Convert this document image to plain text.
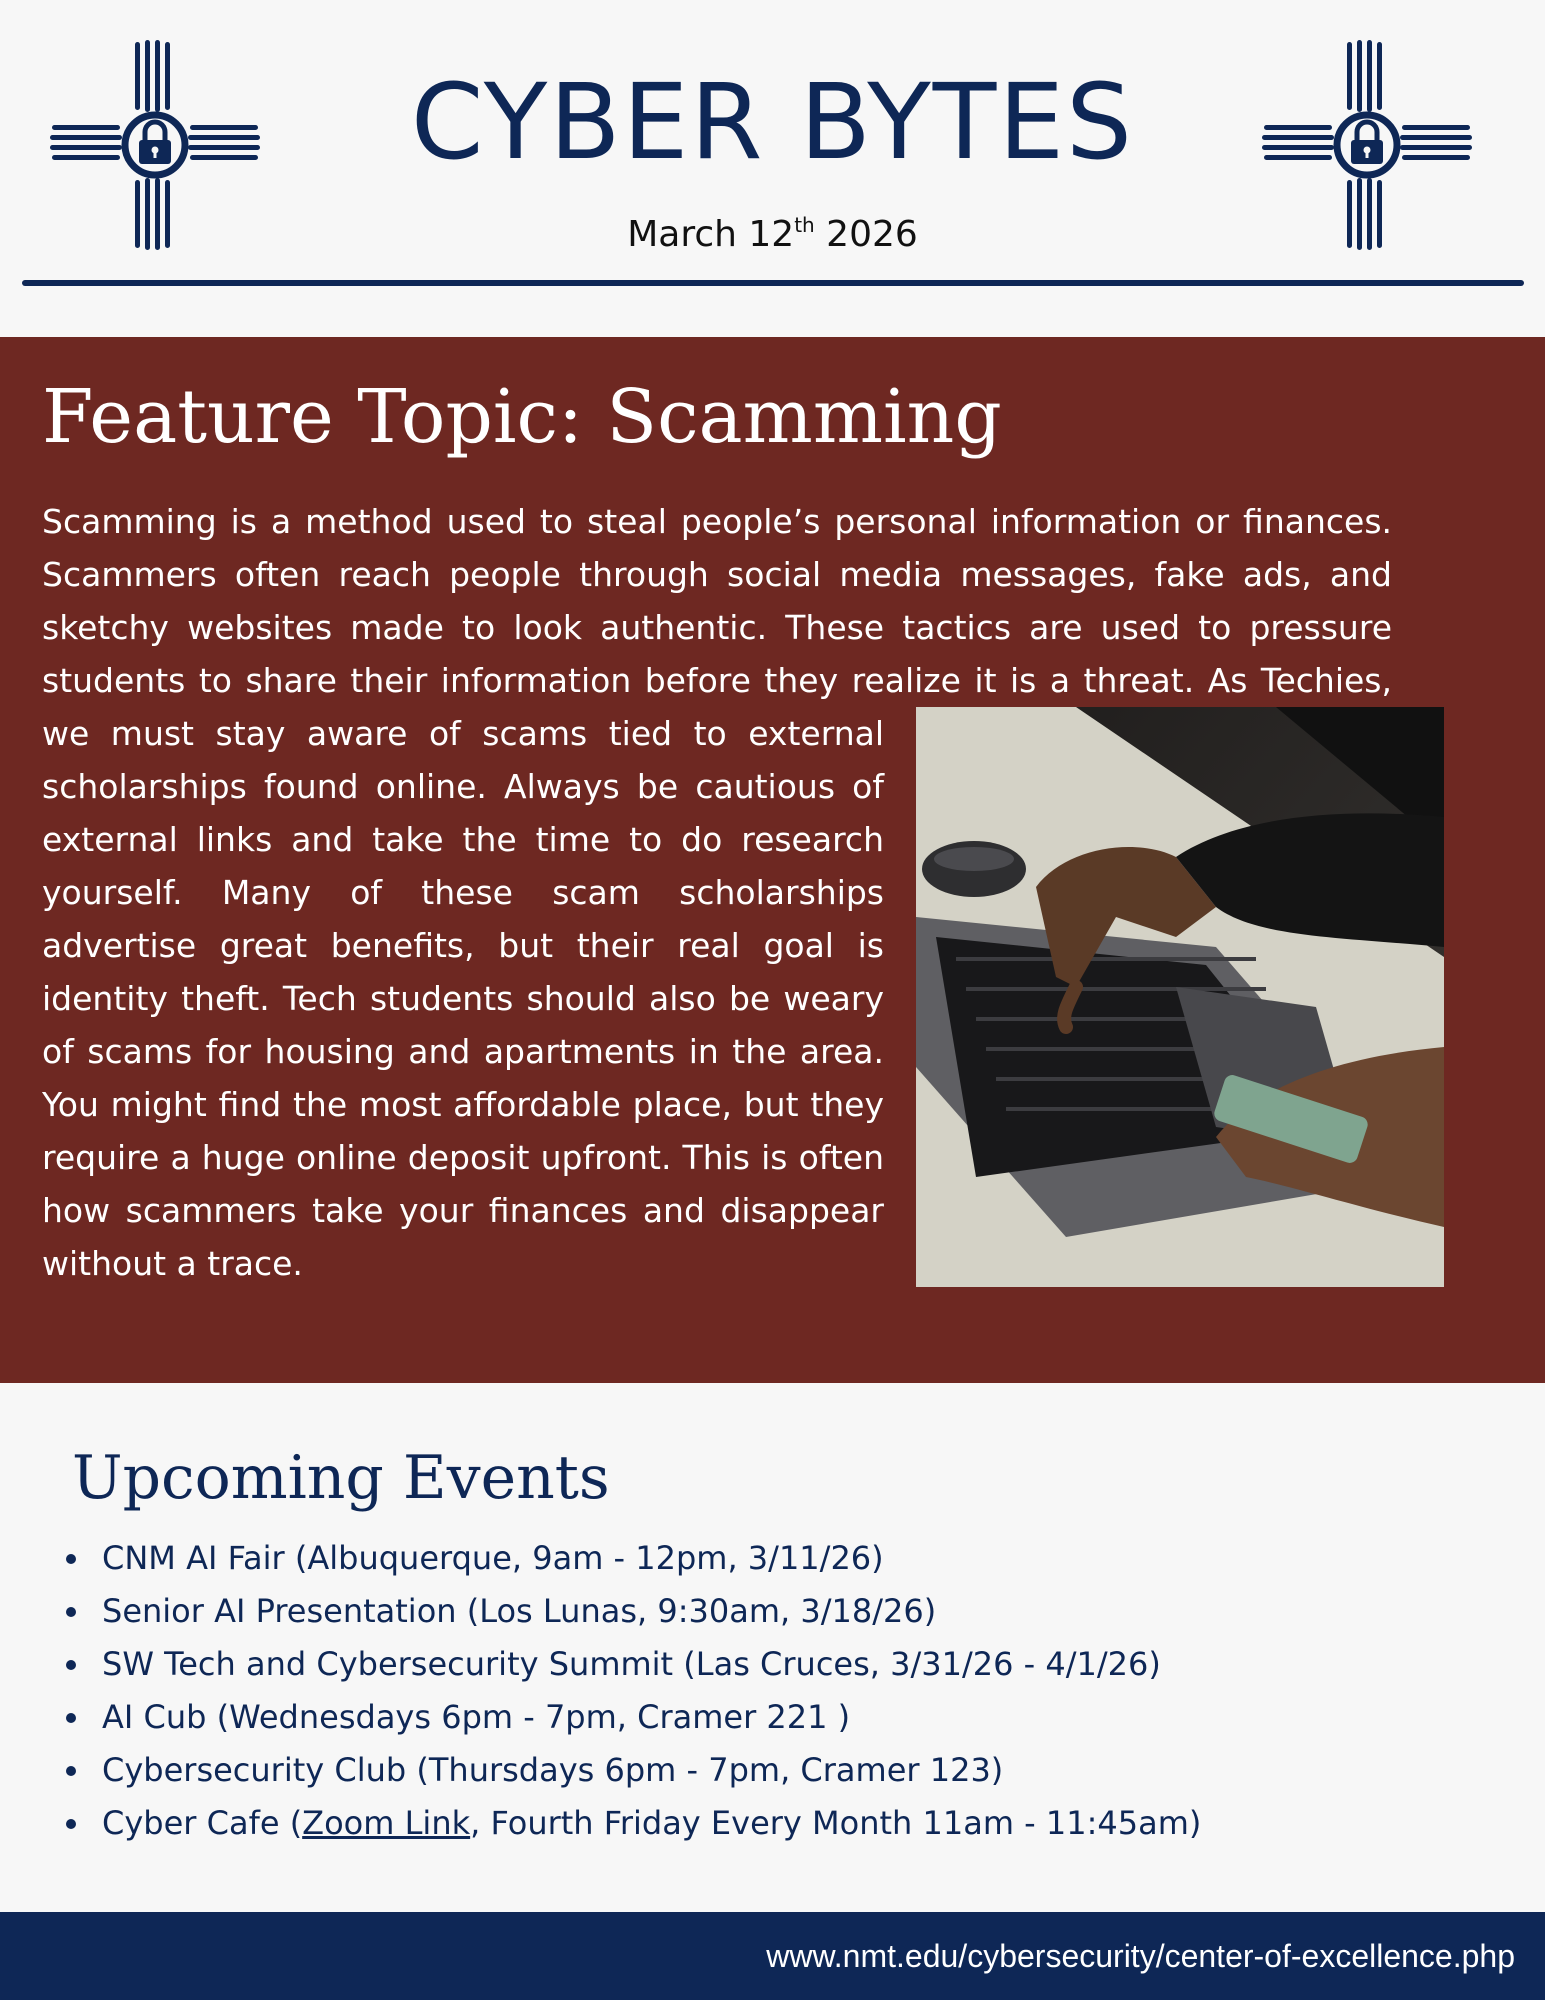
CYBER BYTES
March 12th 2026
Feature Topic: Scamming
Scamming is a method used to steal people’s personal information or finances. Scammers often reach people through social media messages, fake ads, and sketchy websites made to look authentic. These tactics are used to pressure students to share their information before they realize it is a threat. As Techies, we must stay aware of scams tied to external scholarships found online. Always be cautious of external links and take the time to do research yourself. Many of these scam scholarships advertise great benefits, but their real goal is identity theft. Tech students should also be weary of scams for housing and apartments in the area. You might find the most affordable place, but they require a huge online deposit upfront. This is often how scammers take your finances and disappear without a trace.
Upcoming Events
CNM AI Fair (Albuquerque, 9am - 12pm, 3/11/26)
Senior AI Presentation (Los Lunas, 9:30am, 3/18/26)
SW Tech and Cybersecurity Summit (Las Cruces, 3/31/26 - 4/1/26)
AI Cub (Wednesdays 6pm - 7pm, Cramer 221 )
Cybersecurity Club (Thursdays 6pm - 7pm, Cramer 123)
Cyber Cafe (Zoom Link, Fourth Friday Every Month 11am - 11:45am)
www.nmt.edu/cybersecurity/center-of-excellence.php
